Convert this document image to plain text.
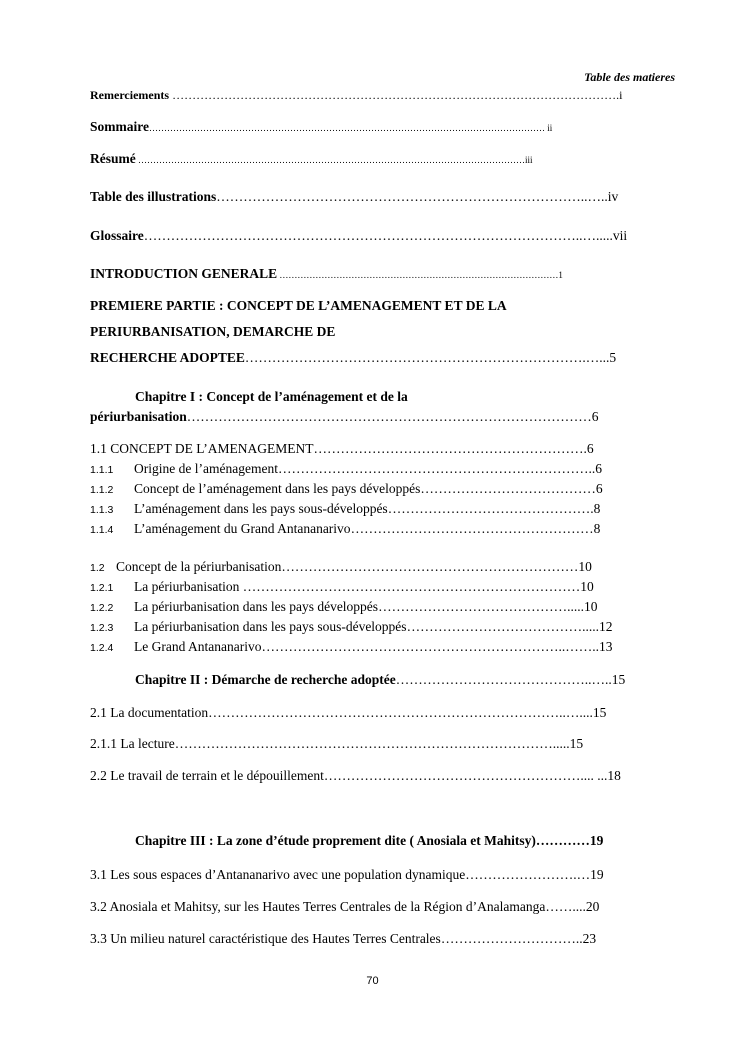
Table des matieres
Remerciements ………………………………………………………………………………………………….i
Sommaire…………………………………………………………………………………………………………………… ii
Résumé …………………………………………………………………………………………………………………iii
Table des illustrations………………………………………………………………………..…..iv
Glossaire……………………………………………………………………………………..….....vii
INTRODUCTION GENERALE …………………………………………………………………………………1
PREMIERE PARTIE : CONCEPT DE L’AMENAGEMENT ET DE LA
PERIURBANISATION, DEMARCHE DE
RECHERCHE ADOPTEE………………………………………………………………….…...5
Chapitre I : Concept de l’aménagement et de la
périurbanisation………………………………………………………………………………6
1.1 CONCEPT DE L’AMENAGEMENT…………………………………………………….6
1.1.1 Origine de l’aménagement……………………………………………………………..6
1.1.2 Concept de l’aménagement dans les pays développés…………………………………6
1.1.3 L’aménagement dans les pays sous-développés……………………………………….8
1.1.4 L’aménagement du Grand Antananarivo………………………………………………8
1.2 Concept de la périurbanisation…………………………………………………………10
1.2.1 La périurbanisation …………………………………………………………………10
1.2.2 La périurbanisation dans les pays développés…………………………………….....10
1.2.3 La périurbanisation dans les pays sous-développés………………………………….....12
1.2.4 Le Grand Antananarivo…………………………………………………………..……..13
Chapitre II : Démarche de recherche adoptée……………………………………..…..15
2.1 La documentation……………………………………………………………………..…....15
2.1.1 La lecture………………………………………………………………………….....15
2.2 Le travail de terrain et le dépouillement………………………………………………….... ...18
Chapitre III : La zone d’étude proprement dite ( Anosiala et Mahitsy)…………19
3.1 Les sous espaces d’Antananarivo avec une population dynamique…………………….…19
3.2 Anosiala et Mahitsy, sur les Hautes Terres Centrales de la Région d’Analamanga……....20
3.3 Un milieu naturel caractéristique des Hautes Terres Centrales…………………………..23
70
